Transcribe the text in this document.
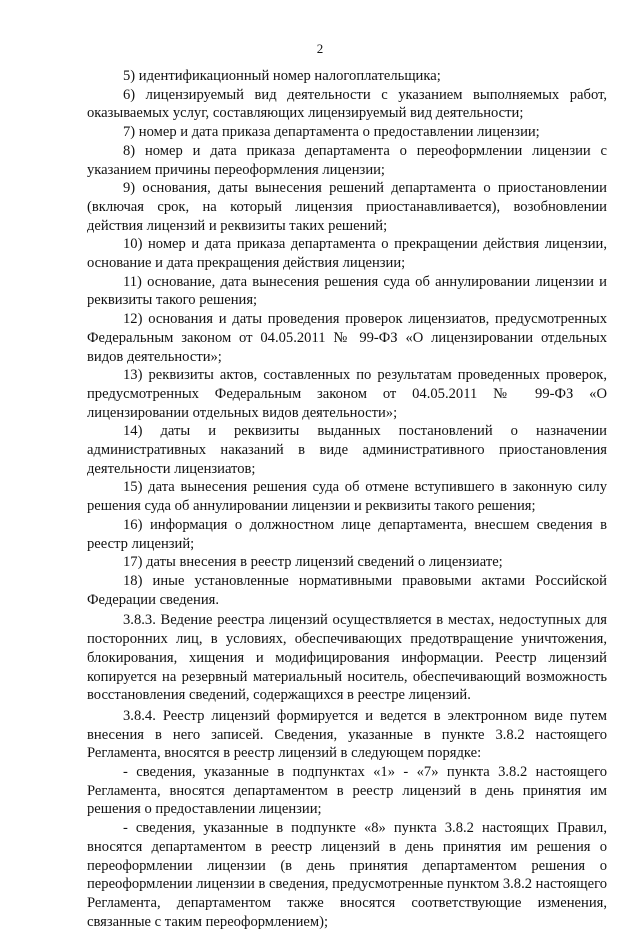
2

5) идентификационный номер налогоплательщика;

6) лицензируемый вид деятельности с указанием выполняемых работ, оказываемых услуг, составляющих лицензируемый вид деятельности;

7) номер и дата приказа департамента о предоставлении лицензии;

8) номер и дата приказа департамента о переоформлении лицензии с указанием причины переоформления лицензии;

9) основания, даты вынесения решений департамента о приостановлении (включая срок, на который лицензия приостанавливается), возобновлении действия лицензий и реквизиты таких решений;

10) номер и дата приказа департамента о прекращении действия лицензии, основание и дата прекращения действия лицензии;

11) основание, дата вынесения решения суда об аннулировании лицензии и реквизиты такого решения;

12) основания и даты проведения проверок лицензиатов, предусмотренных Федеральным законом от 04.05.2011 № 99-ФЗ «О лицензировании отдельных видов деятельности»;

13) реквизиты актов, составленных по результатам проведенных проверок, предусмотренных Федеральным законом от 04.05.2011 № 99-ФЗ «О лицензировании отдельных видов деятельности»;

14) даты и реквизиты выданных постановлений о назначении административных наказаний в виде административного приостановления деятельности лицензиатов;

15) дата вынесения решения суда об отмене вступившего в законную силу решения суда об аннулировании лицензии и реквизиты такого решения;

16) информация о должностном лице департамента, внесшем сведения в реестр лицензий;

17) даты внесения в реестр лицензий сведений о лицензиате;

18) иные установленные нормативными правовыми актами Российской Федерации сведения.

3.8.3. Ведение реестра лицензий осуществляется в местах, недоступных для посторонних лиц, в условиях, обеспечивающих предотвращение уничтожения, блокирования, хищения и модифицирования информации. Реестр лицензий копируется на резервный материальный носитель, обеспечивающий возможность восстановления сведений, содержащихся в реестре лицензий.

3.8.4. Реестр лицензий формируется и ведется в электронном виде путем внесения в него записей. Сведения, указанные в пункте 3.8.2 настоящего Регламента, вносятся в реестр лицензий в следующем порядке:

- сведения, указанные в подпунктах «1» - «7» пункта 3.8.2 настоящего Регламента, вносятся департаментом в реестр лицензий в день принятия им решения о предоставлении лицензии;

- сведения, указанные в подпункте «8» пункта 3.8.2 настоящих Правил, вносятся департаментом в реестр лицензий в день принятия им решения о переоформлении лицензии (в день принятия департаментом решения о переоформлении лицензии в сведения, предусмотренные пунктом 3.8.2 настоящего Регламента, департаментом также вносятся соответствующие изменения, связанные с таким переоформлением);
